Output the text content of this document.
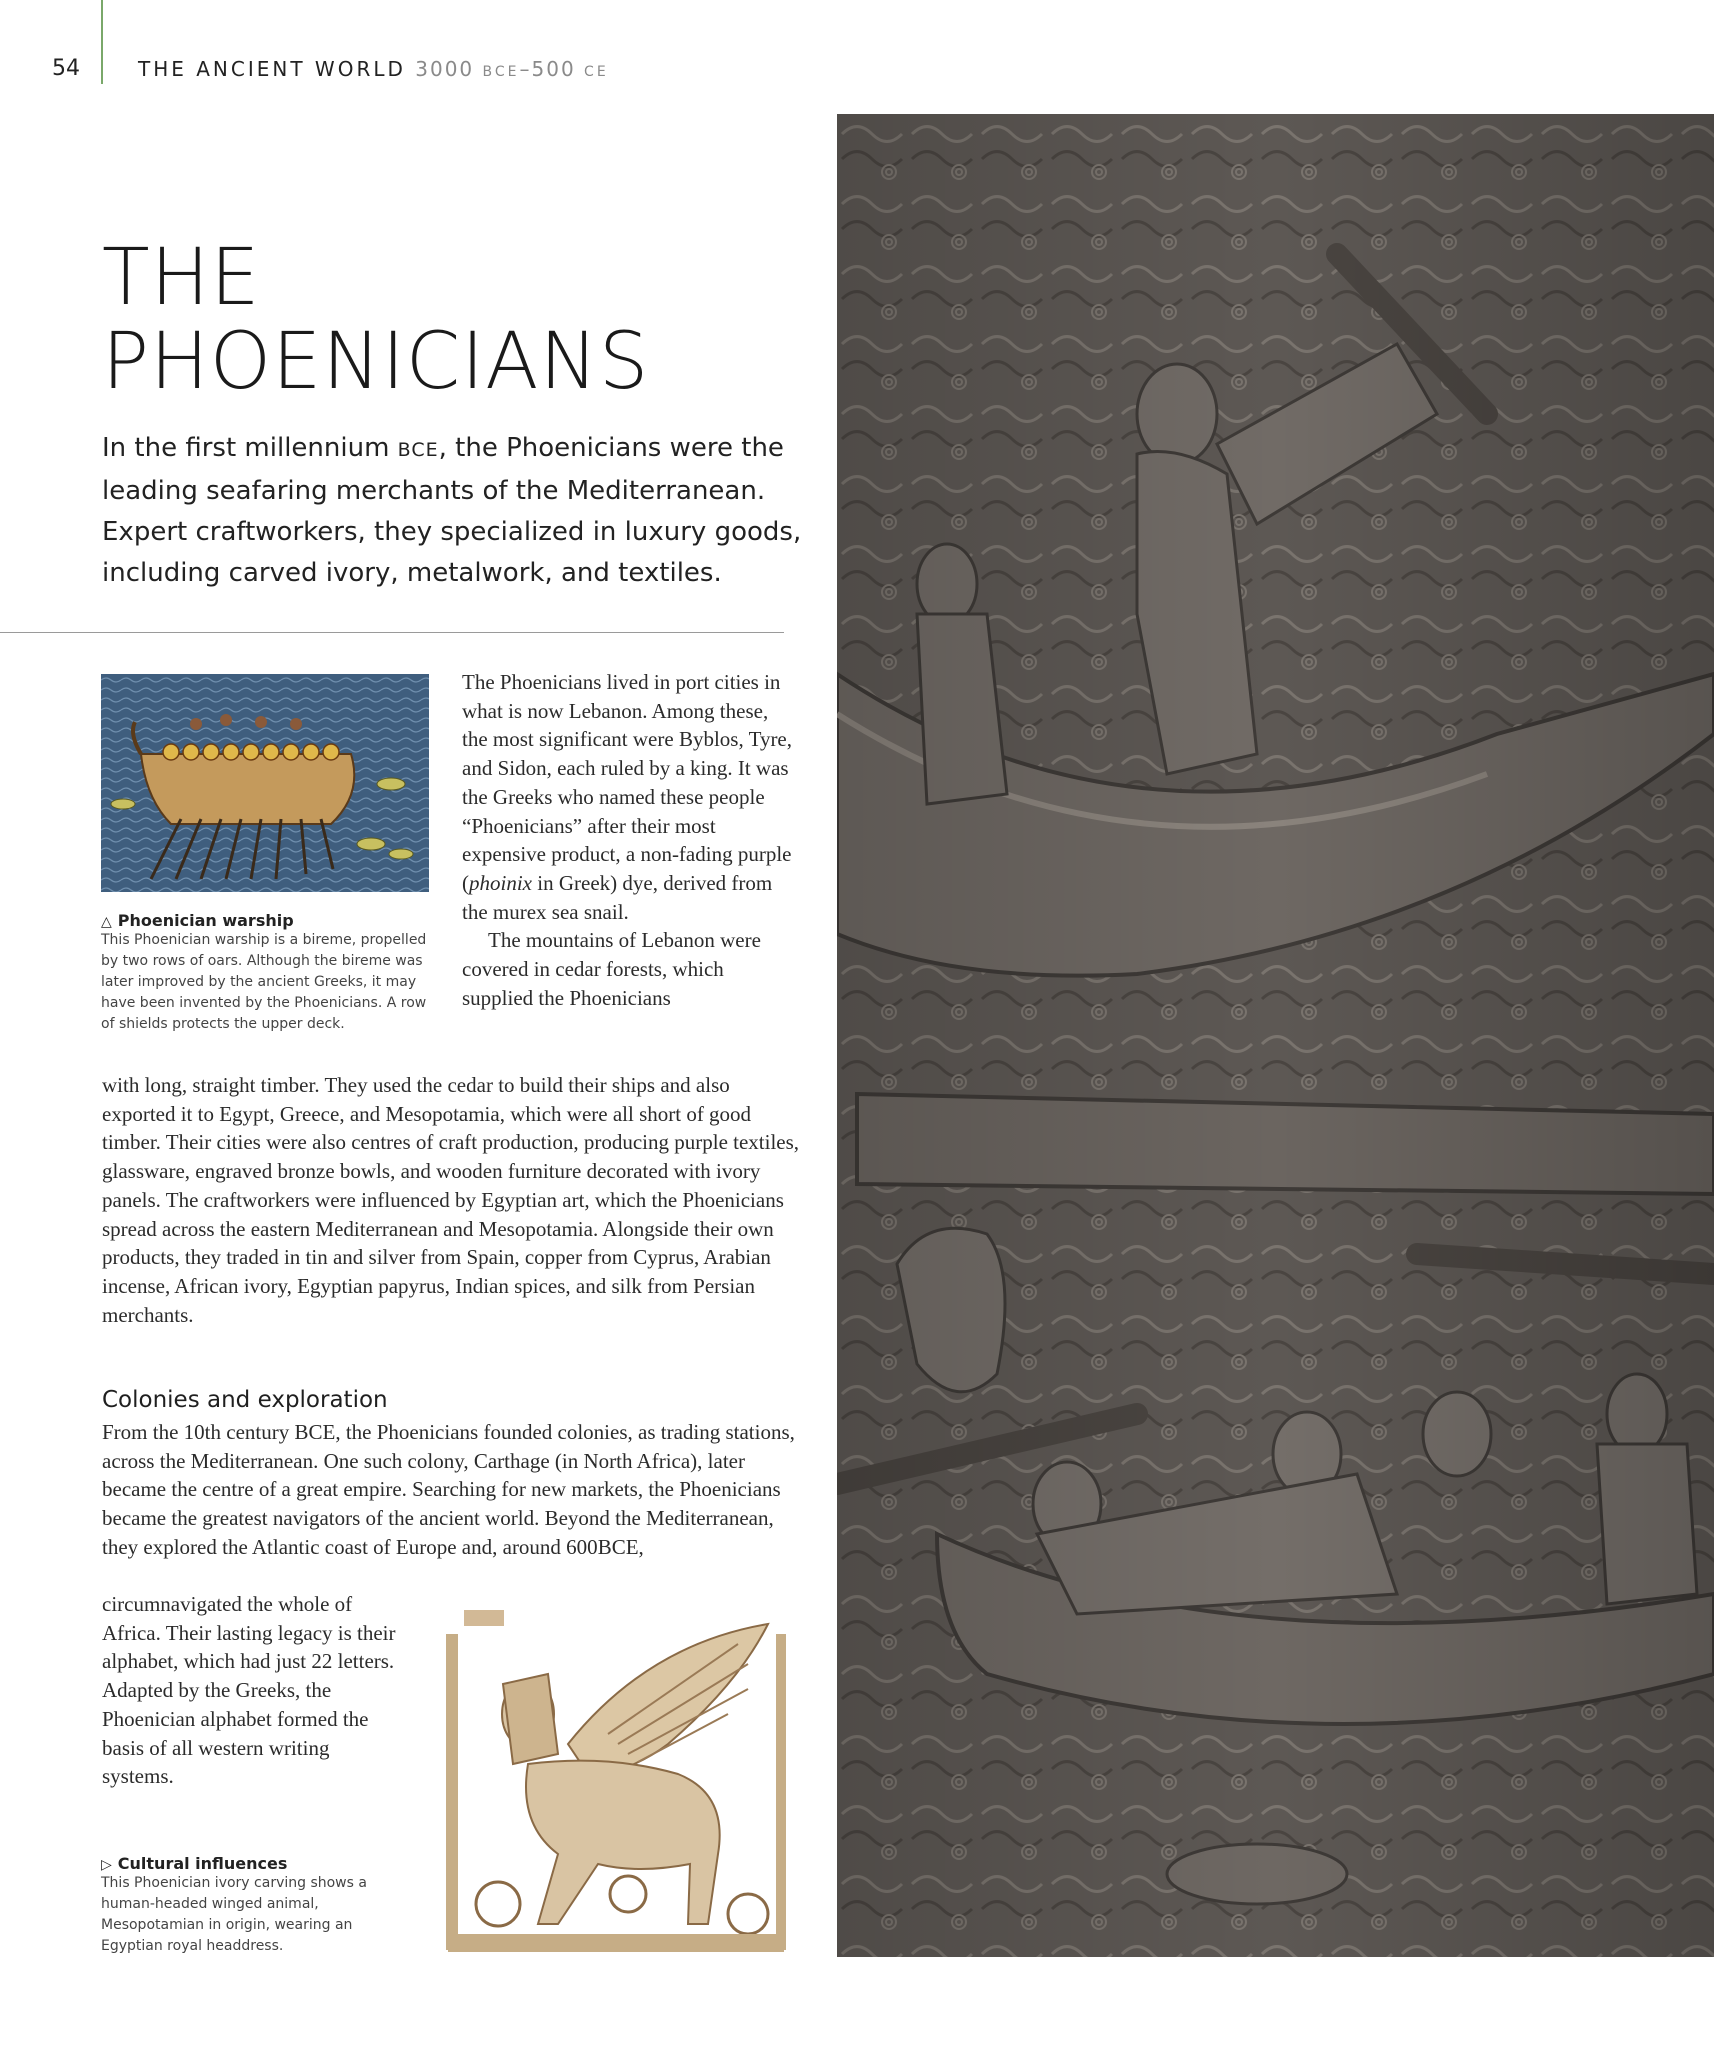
54	THE ANCIENT WORLD 3000 BCE–500 CE
THE
PHOENICIANS
In the first millennium BCE, the Phoenicians were the leading seafaring merchants of the Mediterranean. Expert craftworkers, they specialized in luxury goods, including carved ivory, metalwork, and textiles.
△ Phoenician warship
This Phoenician warship is a bireme, propelled by two rows of oars. Although the bireme was later improved by the ancient Greeks, it may have been invented by the Phoenicians. A row of shields protects the upper deck.
The Phoenicians lived in port cities in what is now Lebanon. Among these, the most significant were Byblos, Tyre, and Sidon, each ruled by a king. It was the Greeks who named these people “Phoenicians” after their most expensive product, a non-fading purple (phoinix in Greek) dye, derived from the murex sea snail.
The mountains of Lebanon were covered in cedar forests, which supplied the Phoenicians
with long, straight timber. They used the cedar to build their ships and also exported it to Egypt, Greece, and Mesopotamia, which were all short of good timber. Their cities were also centres of craft production, producing purple textiles, glassware, engraved bronze bowls, and wooden furniture decorated with ivory panels. The craftworkers were influenced by Egyptian art, which the Phoenicians spread across the eastern Mediterranean and Mesopotamia. Alongside their own products, they traded in tin and silver from Spain, copper from Cyprus, Arabian incense, African ivory, Egyptian papyrus, Indian spices, and silk from Persian merchants.
Colonies and exploration
From the 10th century BCE, the Phoenicians founded colonies, as trading stations, across the Mediterranean. One such colony, Carthage (in North Africa), later became the centre of a great empire. Searching for new markets, the Phoenicians became the greatest navigators of the ancient world. Beyond the Mediterranean, they explored the Atlantic coast of Europe and, around 600BCE,
circumnavigated the whole of Africa. Their lasting legacy is their alphabet, which had just 22 letters. Adapted by the Greeks, the Phoenician alphabet formed the basis of all western writing systems.
▷ Cultural influences
This Phoenician ivory carving shows a human-headed winged animal, Mesopotamian in origin, wearing an Egyptian royal headdress.
